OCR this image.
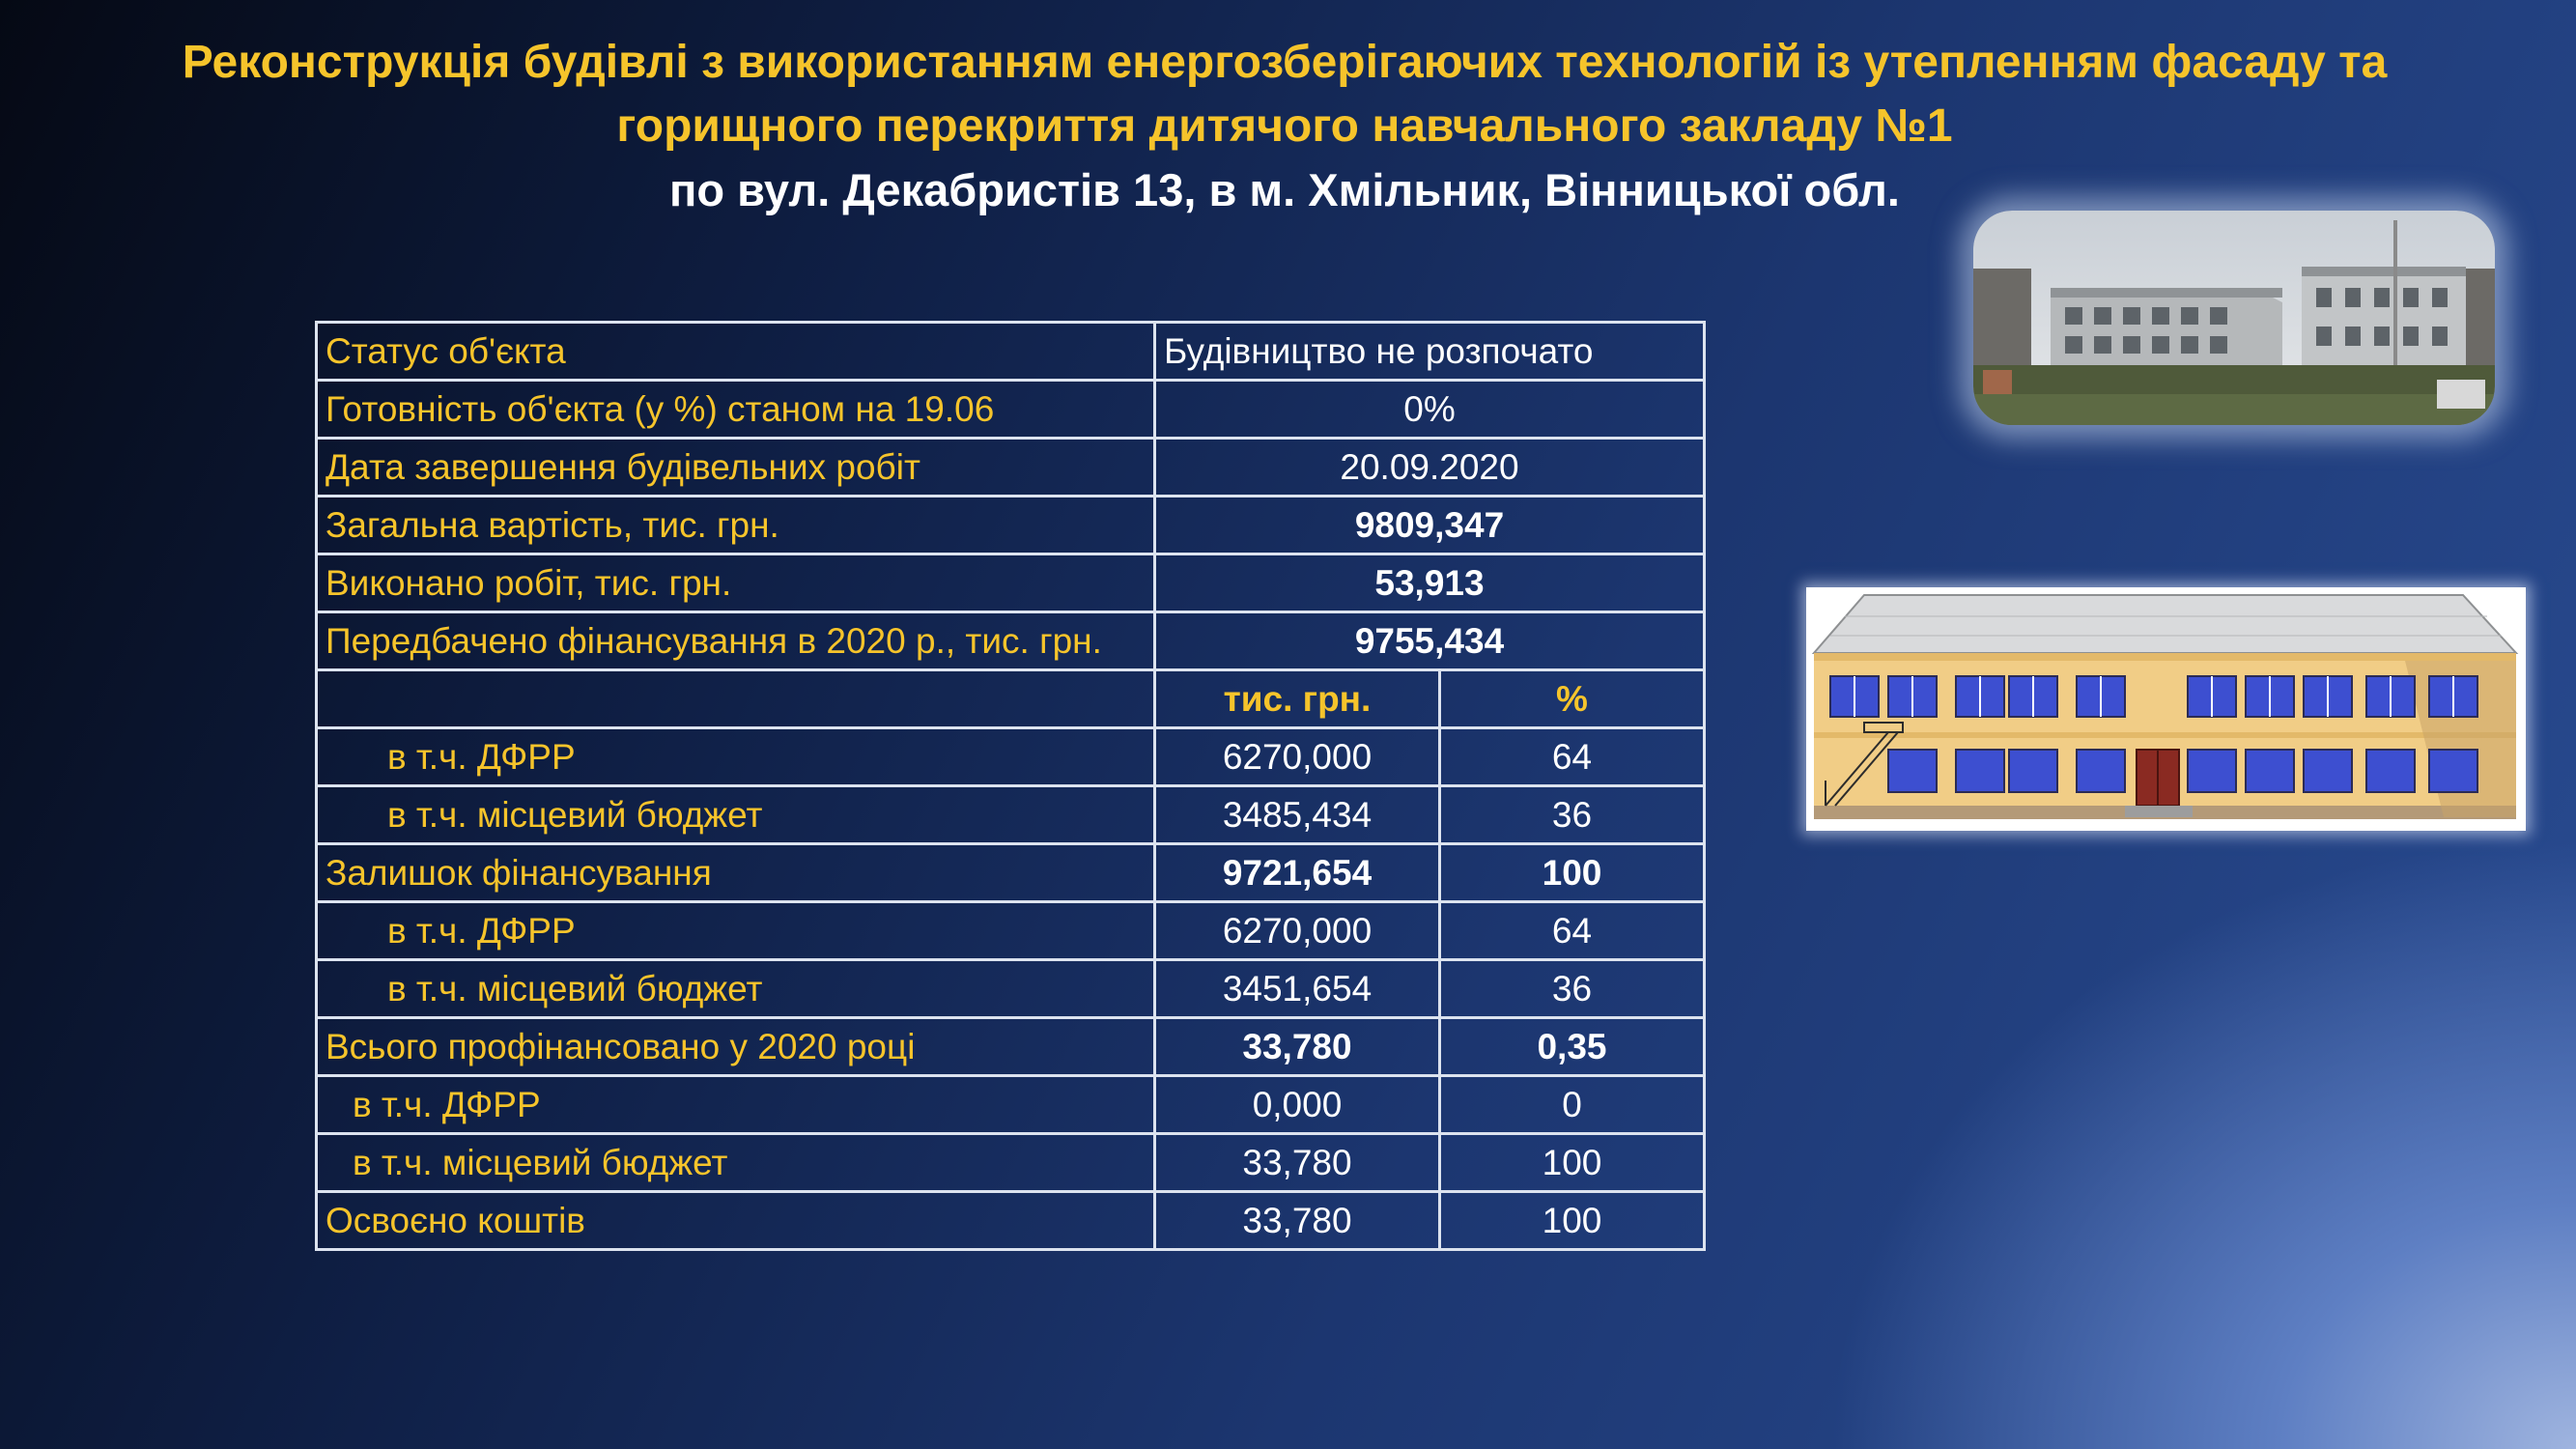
Реконструкція будівлі з використанням енергозберігаючих технологій із утепленням фасаду та
горищного перекриття дитячого навчального закладу №1
по вул. Декабристів 13, в м. Хмільник, Вінницької обл.
Статус об'єкта	Будівництво не розпочато	
Готовність об'єкта (у %) станом на 19.06	0%	
Дата завершення будівельних робіт	20.09.2020	
Загальна вартість, тис. грн.	9809,347	
Виконано робіт, тис. грн.	53,913	
Передбачено фінансування в 2020 р., тис. грн.	9755,434	
	тис. грн.	%
в т.ч. ДФРР	6270,000	64
в т.ч. місцевий бюджет	3485,434	36
Залишок фінансування	9721,654	100
в т.ч. ДФРР	6270,000	64
в т.ч. місцевий бюджет	3451,654	36
Всього профінансовано у 2020 році	33,780	0,35
в т.ч. ДФРР	0,000	0
в т.ч. місцевий бюджет	33,780	100
Освоєно коштів	33,780	100
